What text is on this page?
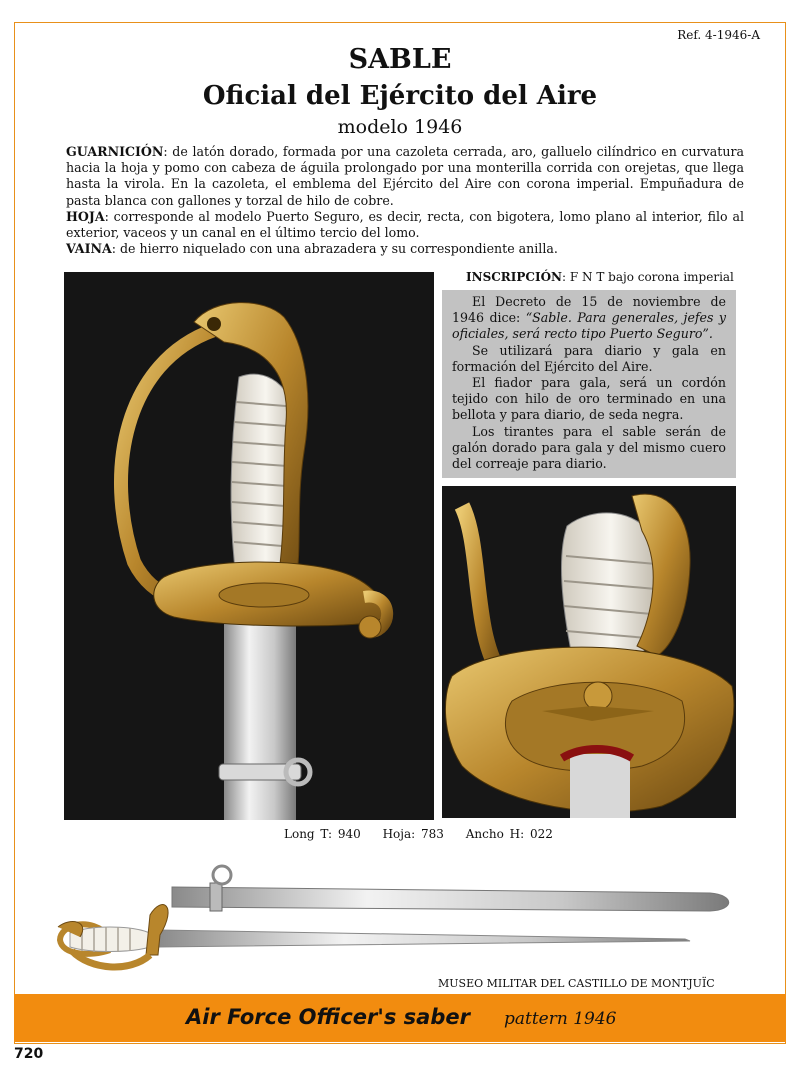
Ref. 4-1946-A
SABLE
Oficial del Ejército del Aire
modelo 1946

GUARNICIÓN: de latón dorado, formada por una cazoleta cerrada, aro, galluelo cilíndrico en curvatura hacia la hoja y pomo con cabeza de águila prolongado por una monterilla corrida con orejetas, que llega hasta la virola. En la cazoleta, el emblema del Ejército del Aire con corona imperial. Empuñadura de pasta blanca con gallones y torzal de hilo de cobre.

HOJA: corresponde al modelo Puerto Seguro, es decir, recta, con bigotera, lomo plano al interior, filo al exterior, vaceos y un canal en el último tercio del lomo.

VAINA: de hierro niquelado con una abrazadera y su correspondiente anilla.

INSCRIPCIÓN: F N T bajo corona imperial

El Decreto de 15 de noviembre de 1946 dice: “Sable. Para generales, jefes y oficiales, será recto tipo Puerto Seguro”.

Se utilizará para diario y gala en formación del Ejército del Aire.

El fiador para gala, será un cordón tejido con hilo de oro terminado en una bellota y para diario, de seda negra.

Los tirantes para el sable serán de galón dorado para gala y del mismo cuero del correaje para diario.

Long T: 940 Hoja: 783 Ancho H: 022
MUSEO MILITAR DEL CASTILLO DE MONTJUÏC
Air Force Officer's saber pattern 1946
720
